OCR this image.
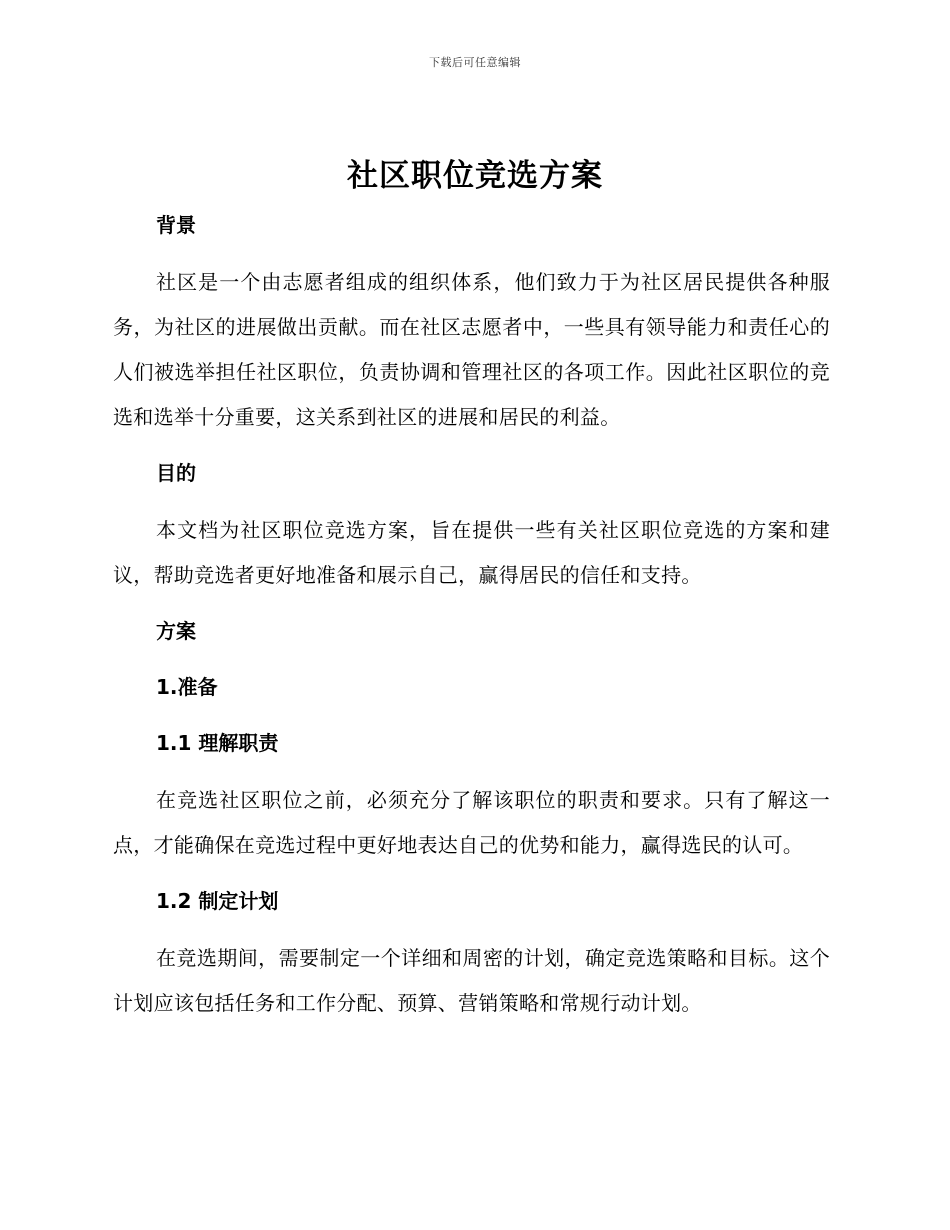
下载后可任意编辑
社区职位竞选方案
背景

社区是一个由志愿者组成的组织体系，他们致力于为社区居民提供各种服务，为社区的进展做出贡献。而在社区志愿者中，一些具有领导能力和责任心的人们被选举担任社区职位，负责协调和管理社区的各项工作。因此社区职位的竞选和选举十分重要，这关系到社区的进展和居民的利益。

目的

本文档为社区职位竞选方案，旨在提供一些有关社区职位竞选的方案和建议，帮助竞选者更好地准备和展示自己，赢得居民的信任和支持。

方案
1.准备
1.1 理解职责

在竞选社区职位之前，必须充分了解该职位的职责和要求。只有了解这一点，才能确保在竞选过程中更好地表达自己的优势和能力，赢得选民的认可。

1.2 制定计划

在竞选期间，需要制定一个详细和周密的计划，确定竞选策略和目标。这个计划应该包括任务和工作分配、预算、营销策略和常规行动计划。
